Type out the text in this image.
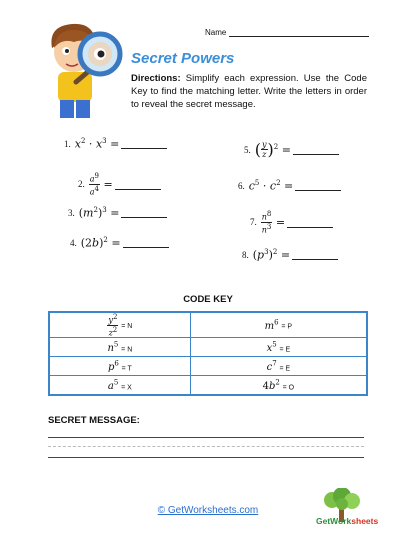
Name
Secret Powers
Directions: Simplify each expression. Use the Code Key to find the matching letter. Write the letters in order to reveal the secret message.
1. $x^2 \cdot x^3$ =
2. $\frac{a^9}{a^4}$ =
3. $(m^2)^3$ =
4. $(2b)^2$ =
5. ( $\frac{y}{z}$ ) $^2$ =
6. $c^5 \cdot c^2$ =
7. $\frac{n^8}{n^3}$ =
8. $(p^3)^2$ =
CODE KEY
$\frac{y^2}{z^2} = N$	$m^6 = P$
$n^5 = N$	$x^5 = E$
$p^6 = T$	$c^7 = E$
$a^5 = X$	$4b^2 = O$
SECRET MESSAGE:
© GetWorksheets.com
GetWorksheets
